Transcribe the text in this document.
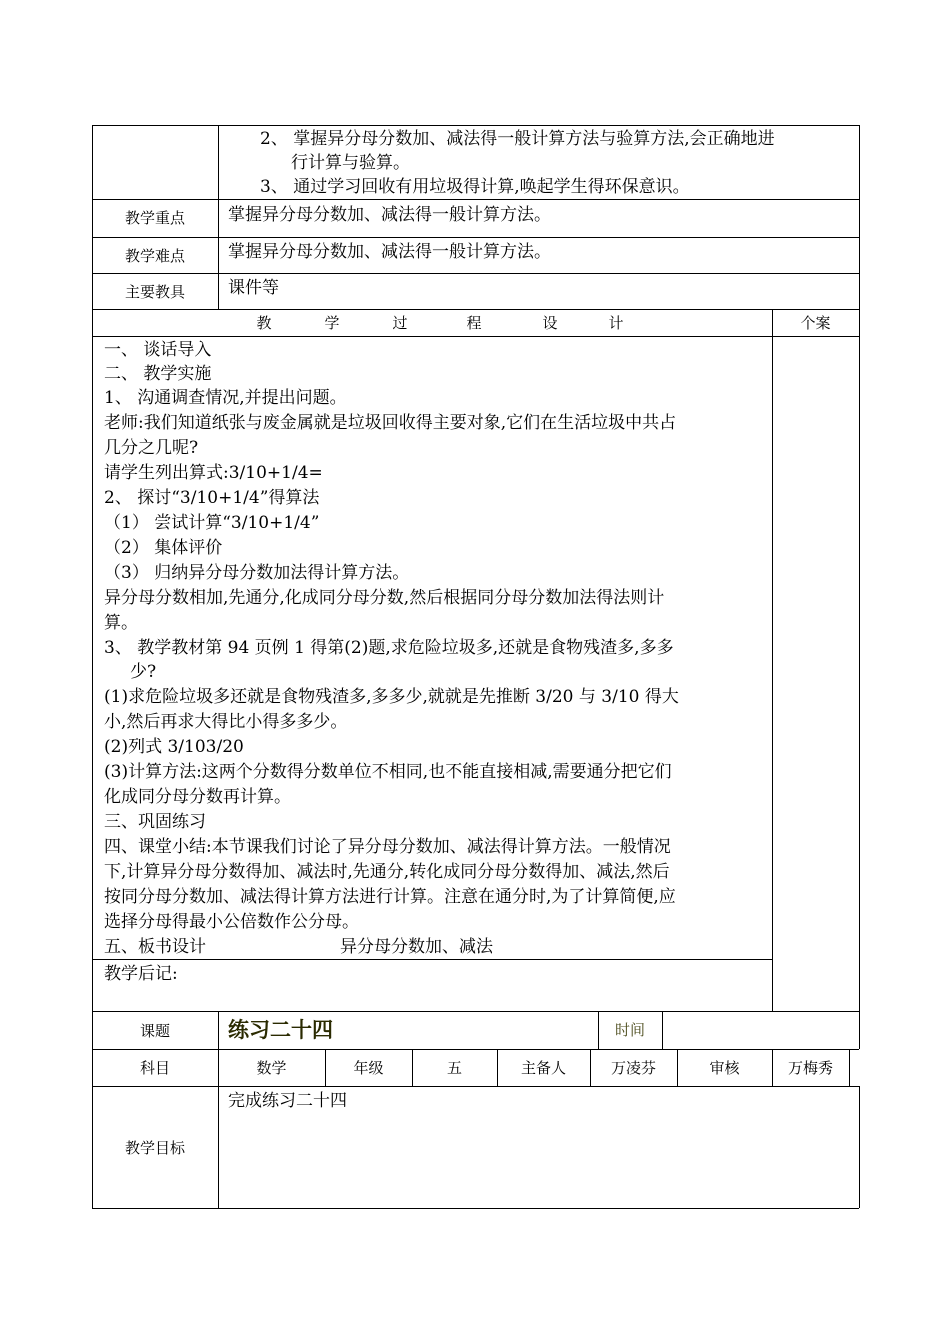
2、 掌握异分母分数加、减法得一般计算方法与验算方法,会正确地进
行计算与验算。
3、 通过学习回收有用垃圾得计算,唤起学生得环保意识。
教学重点	掌握异分母分数加、减法得一般计算方法。
教学难点	掌握异分母分数加、减法得一般计算方法。
主要教具	课件等
教	学	过	程	设	计	个案
一、 谈话导入
二、 教学实施
1、 沟通调查情况,并提出问题。
老师:我们知道纸张与废金属就是垃圾回收得主要对象,它们在生活垃圾中共占
几分之几呢?
请学生列出算式:3/10+1/4=
2、 探讨“3/10+1/4”得算法
（1） 尝试计算“3/10+1/4”
（2） 集体评价
（3） 归纳异分母分数加法得计算方法。
异分母分数相加,先通分,化成同分母分数,然后根据同分母分数加法得法则计
算。
3、 教学教材第 94 页例 1 得第(2)题,求危险垃圾多,还就是食物残渣多,多多
少?
(1)求危险垃圾多还就是食物残渣多,多多少,就就是先推断 3/20 与 3/10 得大
小,然后再求大得比小得多多少。
(2)列式 3/103/20
(3)计算方法:这两个分数得分数单位不相同,也不能直接相减,需要通分把它们
化成同分母分数再计算。
三、巩固练习
四、课堂小结:本节课我们讨论了异分母分数加、减法得计算方法。一般情况
下,计算异分母分数得加、减法时,先通分,转化成同分母分数得加、减法,然后
按同分母分数加、减法得计算方法进行计算。注意在通分时,为了计算简便,应
选择分母得最小公倍数作公分母。
五、板书设计	异分母分数加、减法
教学后记:
课题	练习二十四	时间
科目	数学	年级	五	主备人	万凌芬	审核	万梅秀
教学目标
完成练习二十四
